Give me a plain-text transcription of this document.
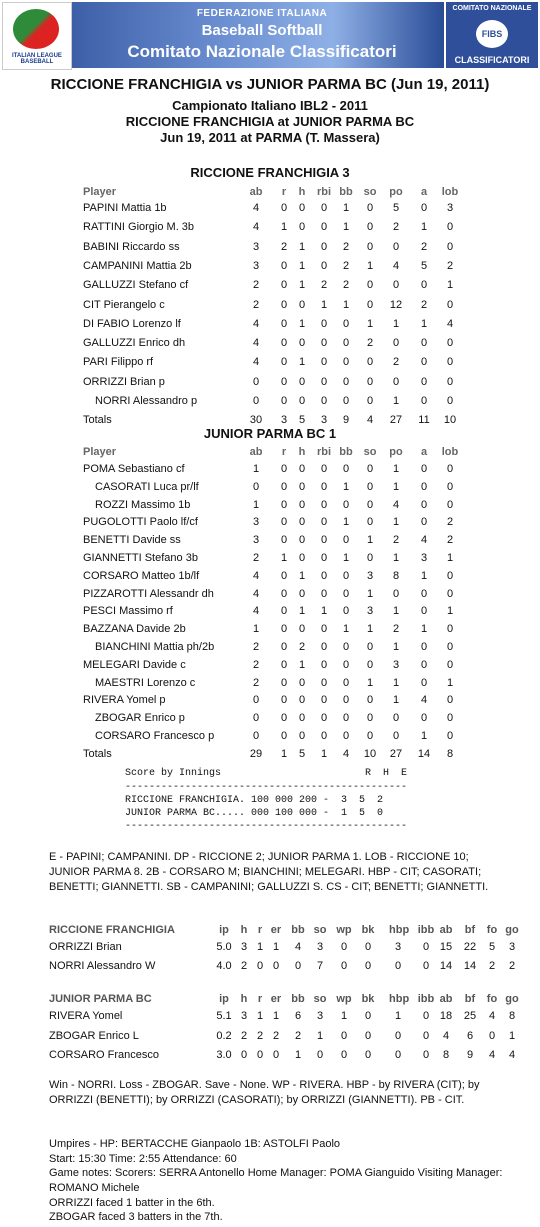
ITALIAN LEAGUE BASEBALL
FEDERAZIONE ITALIANA
Baseball Softball
Comitato Nazionale Classificatori
COMITATO NAZIONALE
FIBS
CLASSIFICATORI
RICCIONE FRANCHIGIA vs JUNIOR PARMA BC (Jun 19, 2011)
Campionato Italiano IBL2 - 2011
RICCIONE FRANCHIGIA at JUNIOR PARMA BC
Jun 19, 2011 at PARMA (T. Massera)
RICCIONE FRANCHIGIA 3
Player	ab	r	h	rbi bb so po	a	lob
PAPINI Mattia 1b	4	0	0	0	1	0	5	0	3
RATTINI Giorgio M. 3b	4	1	0	0	1	0	2	1	0
BABINI Riccardo ss	3	2	1	0	2	0	0	2	0
CAMPANINI Mattia 2b	3	0	1	0	2	1	4	5	2
GALLUZZI Stefano cf	2	0	1	2	2	0	0	0	1
CIT Pierangelo c	2	0	0	1	1	0	12	2	0
DI FABIO Lorenzo lf	4	0	1	0	0	1	1	1	4
GALLUZZI Enrico dh	4	0	0	0	0	2	0	0	0
PARI Filippo rf	4	0	1	0	0	0	2	0	0
ORRIZZI Brian p	0	0	0	0	0	0	0	0	0
NORRI Alessandro p	0	0	0	0	0	0	1	0	0
Totals	30	3	5	3	9	4	27 11 10
JUNIOR PARMA BC 1
Player	ab	r	h	rbi bb so po	a	lob
POMA Sebastiano cf	1	0	0	0	0	0	1	0	0
CASORATI Luca pr/lf	0	0	0	0	1	0	1	0	0
ROZZI Massimo 1b	1	0	0	0	0	0	4	0	0
PUGOLOTTI Paolo lf/cf	3	0	0	0	1	0	1	0	2
BENETTI Davide ss	3	0	0	0	0	1	2	4	2
GIANNETTI Stefano 3b	2	1	0	0	1	0	1	3	1
CORSARO Matteo 1b/lf	4	0	1	0	0	3	8	1	0
PIZZAROTTI Alessandr dh	4	0	0	0	0	1	0	0	0
PESCI Massimo rf	4	0	1	1	0	3	1	0	1
BAZZANA Davide 2b	1	0	0	0	1	1	2	1	0
BIANCHINI Mattia ph/2b	2	0	2	0	0	0	1	0	0
MELEGARI Davide c	2	0	1	0	0	0	3	0	0
MAESTRI Lorenzo c	2	0	0	0	0	1	1	0	1
RIVERA Yomel p	0	0	0	0	0	0	1	4	0
ZBOGAR Enrico p	0	0	0	0	0	0	0	0	0
CORSARO Francesco p	0	0	0	0	0	0	0	1	0
Totals	29	1	5	1	4	10 27 14	8
Score by Innings                        R  H  E
-----------------------------------------------
RICCIONE FRANCHIGIA. 100 000 200 -  3  5  2
JUNIOR PARMA BC..... 000 100 000 -  1  5  0
-----------------------------------------------
E - PAPINI; CAMPANINI. DP - RICCIONE 2; JUNIOR PARMA 1. LOB - RICCIONE 10; JUNIOR PARMA 8. 2B - CORSARO M; BIANCHINI; MELEGARI. HBP - CIT; CASORATI; BENETTI; GIANNETTI. SB - CAMPANINI; GALLUZZI S. CS - CIT; BENETTI; GIANNETTI.
RICCIONE FRANCHIGIA	ip	h r er bb so wp bk hbp ibb ab	bf	fo go
ORRIZZI Brian	5.0 3 1 1	4	3	0	0	3	0 15 22	5	3
NORRI Alessandro W	4.0 2 0 0	0	7	0	0	0	0 14 14	2	2
JUNIOR PARMA BC	ip	h r er bb so wp bk hbp ibb ab	bf	fo go
RIVERA Yomel	5.1 3 1 1	6	3	1	0	1	0 18 25	4	8
ZBOGAR Enrico L	0.2 2 2 2	2	1	0	0	0	0	4	6	0	1
CORSARO Francesco	3.0 0 0 0	1	0	0	0	0	0	8	9	4	4
Win - NORRI. Loss - ZBOGAR. Save - None. WP - RIVERA. HBP - by RIVERA (CIT); by ORRIZZI (BENETTI); by ORRIZZI (CASORATI); by ORRIZZI (GIANNETTI). PB - CIT.
Umpires - HP: BERTACCHE Gianpaolo 1B: ASTOLFI Paolo
Start: 15:30 Time: 2:55 Attendance: 60
Game notes: Scorers: SERRA Antonello Home Manager: POMA Gianguido Visiting Manager: ROMANO Michele
ORRIZZI faced 1 batter in the 6th.
ZBOGAR faced 3 batters in the 7th.
